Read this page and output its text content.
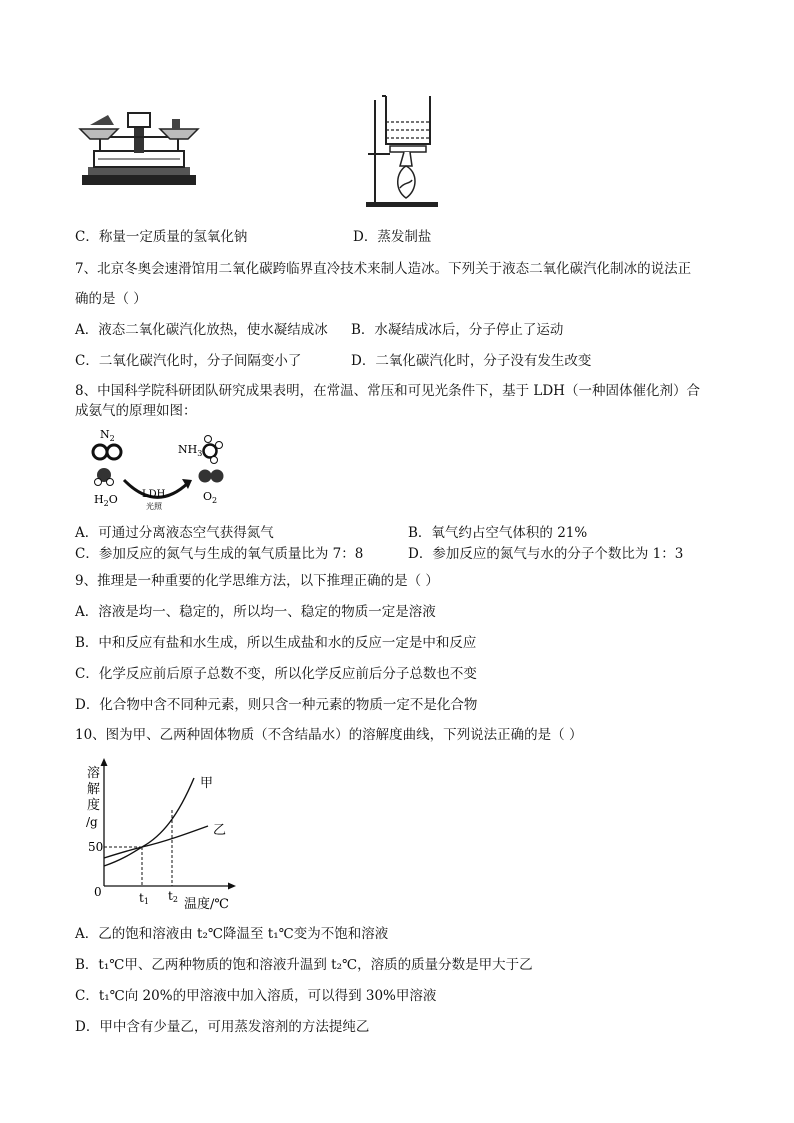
C．称量一定质量的氢氧化钠	D．蒸发制盐
7、北京冬奥会速滑馆用二氧化碳跨临界直冷技术来制人造冰。下列关于液态二氧化碳汽化制冰的说法正
确的是（ ）
A．液态二氧化碳汽化放热，使水凝结成冰 B．水凝结成冰后，分子停止了运动
C．二氧化碳汽化时，分子间隔变小了	D．二氧化碳汽化时，分子没有发生改变
8、中国科学院科研团队研究成果表明，在常温、常压和可见光条件下，基于 LDH（一种固体催化剂）合
成氨气的原理如图：
$N_2$
$H_2O$ LDH
光照
$NH_3$
$O_2$
A．可通过分离液态空气获得氮气	B．氧气约占空气体积的 21%
C．参加反应的氮气与生成的氧气质量比为 7：8	D．参加反应的氮气与水的分子个数比为 1：3
9、推理是一种重要的化学思维方法，以下推理正确的是（ ）
A．溶液是均一、稳定的，所以均一、稳定的物质一定是溶液
B．中和反应有盐和水生成，所以生成盐和水的反应一定是中和反应
C．化学反应前后原子总数不变，所以化学反应前后分子总数也不变
D．化合物中含不同种元素，则只含一种元素的物质一定不是化合物
10、图为甲、乙两种固体物质（不含结晶水）的溶解度曲线，下列说法正确的是（ ）
溶
解
度
/g
50
0	t1 t2 温度/℃
甲
乙
A．乙的饱和溶液由 t₂℃降温至 t₁℃变为不饱和溶液
B．t₁℃甲、乙两种物质的饱和溶液升温到 t₂℃，溶质的质量分数是甲大于乙
C．t₁℃向 20%的甲溶液中加入溶质，可以得到 30%甲溶液
D．甲中含有少量乙，可用蒸发溶剂的方法提纯乙
